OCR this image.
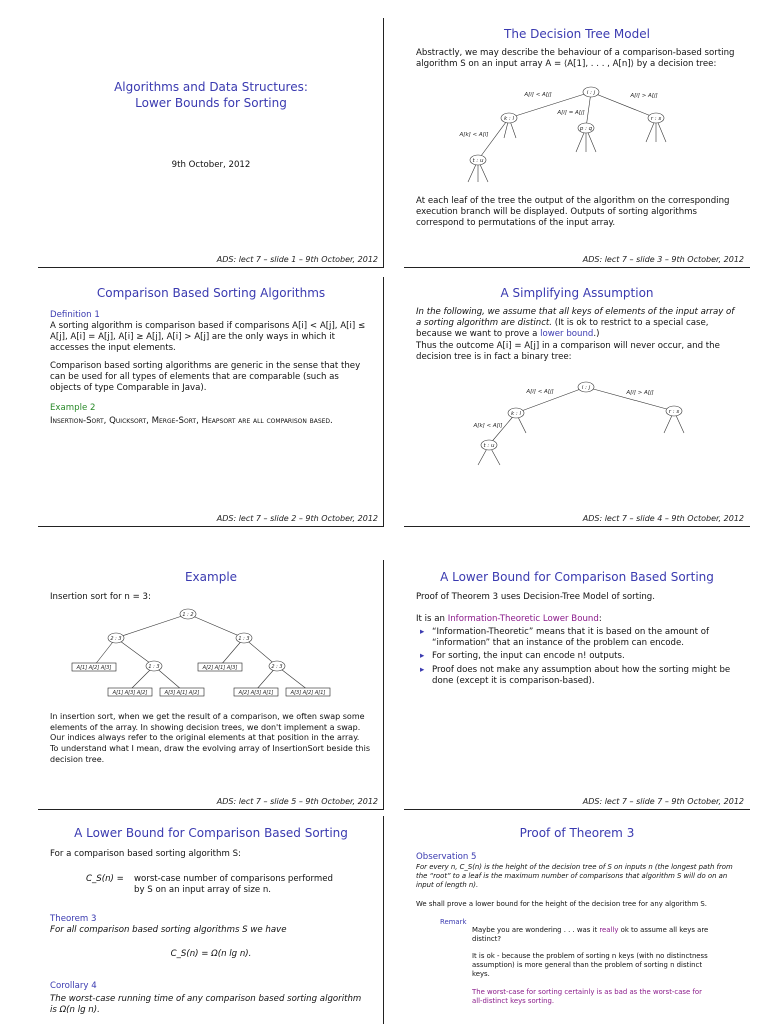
Algorithms and Data Structures:
Lower Bounds for Sorting
9th October, 2012
ADS: lect 7 – slide 1 – 9th October, 2012
The Decision Tree Model
Abstractly, we may describe the behaviour of a comparison-based sorting algorithm S on an input array A = ⟨A[1], . . . , A[n]⟩ by a decision tree:
i : j
k : l
p : q
r : s
t : u
A[i] < A[j]
A[i] = A[j]
A[i] > A[j]
A[k] < A[l]
At each leaf of the tree the output of the algorithm on the corresponding execution branch will be displayed. Outputs of sorting algorithms correspond to permutations of the input array.
ADS: lect 7 – slide 3 – 9th October, 2012
Comparison Based Sorting Algorithms
Definition 1
A sorting algorithm is comparison based if comparisons A[i] < A[j], A[i] ≤ A[j], A[i] = A[j], A[i] ≥ A[j], A[i] > A[j] are the only ways in which it accesses the input elements.
Comparison based sorting algorithms are generic in the sense that they can be used for all types of elements that are comparable (such as objects of type Comparable in Java).
Example 2
Insertion-Sort, Quicksort, Merge-Sort, Heapsort are all comparison based.
ADS: lect 7 – slide 2 – 9th October, 2012
A Simplifying Assumption
In the following, we assume that all keys of elements of the input array of a sorting algorithm are distinct. (It is ok to restrict to a special case, because we want to prove a lower bound.)
Thus the outcome A[i] = A[j] in a comparison will never occur, and the decision tree is in fact a binary tree:
i : j
k : l	r : s
t : u
A[i] < A[j]	A[i] > A[j]
A[k] < A[l]
ADS: lect 7 – slide 4 – 9th October, 2012
Example
Insertion sort for n = 3:
1 : 2
2 : 3	1 : 3
1 : 3	2 : 3
A[1] A[2] A[3]	A[2] A[1] A[3]
A[1] A[3] A[2]	A[3] A[1] A[2]	A[2] A[3] A[1]	A[3] A[2] A[1]
In insertion sort, when we get the result of a comparison, we often swap some elements of the array. In showing decision trees, we don't implement a swap. Our indices always refer to the original elements at that position in the array.
To understand what I mean, draw the evolving array of InsertionSort beside this decision tree.
ADS: lect 7 – slide 5 – 9th October, 2012
A Lower Bound for Comparison Based Sorting
Proof of Theorem 3 uses Decision-Tree Model of sorting.
It is an Information-Theoretic Lower Bound:
▸ “Information-Theoretic” means that it is based on the amount of “information” that an instance of the problem can encode.
▸ For sorting, the input can encode n! outputs.
▸ Proof does not make any assumption about how the sorting might be done (except it is comparison-based).
ADS: lect 7 – slide 7 – 9th October, 2012
A Lower Bound for Comparison Based Sorting
For a comparison based sorting algorithm S:
C_S(n) = worst-case number of comparisons performed
by S on an input array of size n.
Theorem 3
For all comparison based sorting algorithms S we have
C_S(n) = Ω(n lg n).
Corollary 4
The worst-case running time of any comparison based sorting algorithm is Ω(n lg n).
Proof of Theorem 3
Observation 5
For every n, C_S(n) is the height of the decision tree of S on inputs n (the longest path from the “root” to a leaf is the maximum number of comparisons that algorithm S will do on an input of length n).
We shall prove a lower bound for the height of the decision tree for any algorithm S.
Remark
Maybe you are wondering . . . was it really ok to assume all keys are distinct?
It is ok - because the problem of sorting n keys (with no distinctness assumption) is more general than the problem of sorting n distinct keys.
The worst-case for sorting certainly is as bad as the worst-case for all-distinct keys sorting.
